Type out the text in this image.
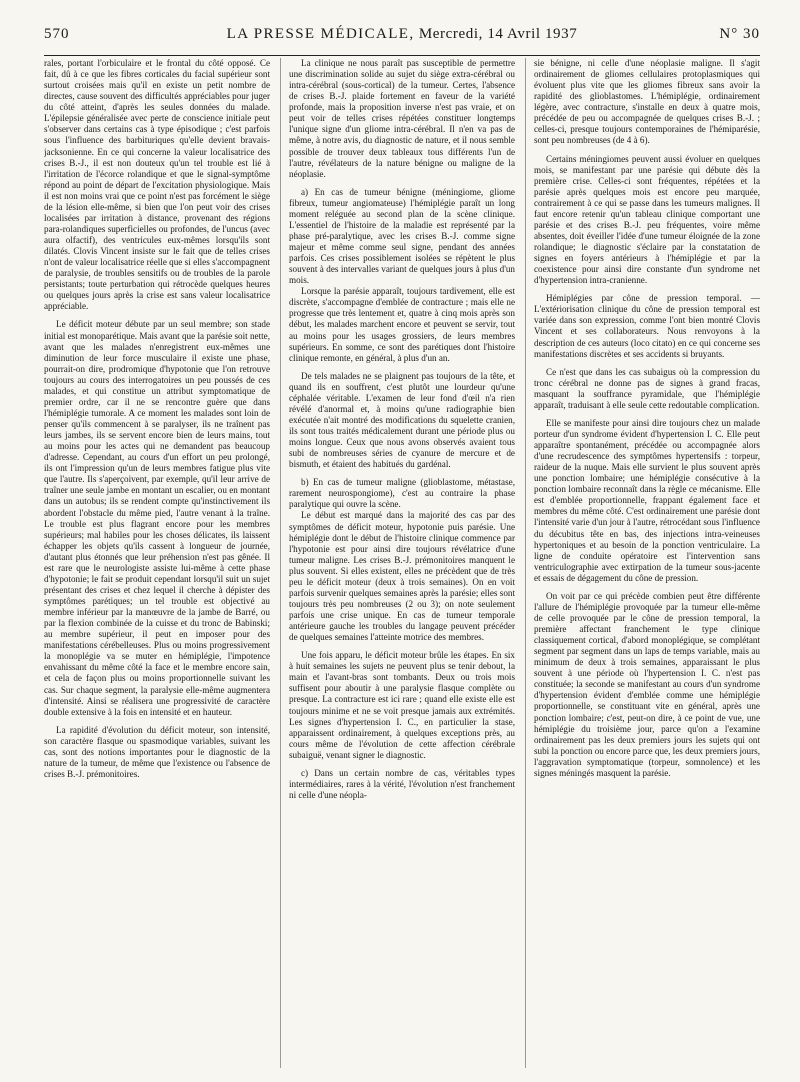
570	LA PRESSE MÉDICALE, Mercredi, 14 Avril 1937	N° 30

rales, portant l'orbiculaire et le frontal du côté opposé. Ce fait, dû à ce que les fibres corticales du facial supérieur sont surtout croisées mais qu'il en existe un petit nombre de directes, cause souvent des difficultés appréciables pour juger du côté atteint, d'après les seules données du malade. L'épilepsie généralisée avec perte de conscience initiale peut s'observer dans certains cas à type épisodique ; c'est parfois sous l'influence des barbituriques qu'elle devient bravais-jacksonienne. En ce qui concerne la valeur localisatrice des crises B.-J., il est non douteux qu'un tel trouble est lié à l'irritation de l'écorce rolandique et que le signal-symptôme répond au point de départ de l'excitation physiologique. Mais il est non moins vrai que ce point n'est pas forcément le siège de la lésion elle-même, si bien que l'on peut voir des crises localisées par irritation à distance, provenant des régions para-rolandiques superficielles ou profondes, de l'uncus (avec aura olfactif), des ventricules eux-mêmes lorsqu'ils sont dilatés. Clovis Vincent insiste sur le fait que de telles crises n'ont de valeur localisatrice réelle que si elles s'accompagnent de paralysie, de troubles sensitifs ou de troubles de la parole persistants; toute perturbation qui rétrocède quelques heures ou quelques jours après la crise est sans valeur localisatrice appréciable.

Le déficit moteur débute par un seul membre; son stade initial est monoparétique. Mais avant que la parésie soit nette, avant que les malades n'enregistrent eux-mêmes une diminution de leur force musculaire il existe une phase, pourrait-on dire, prodromique d'hypotonie que l'on retrouve toujours au cours des interrogatoires un peu poussés de ces malades, et qui constitue un attribut symptomatique de premier ordre, car il ne se rencontre guère que dans l'hémiplégie tumorale. A ce moment les malades sont loin de penser qu'ils commencent à se paralyser, ils ne traînent pas leurs jambes, ils se servent encore bien de leurs mains, tout au moins pour les actes qui ne demandent pas beaucoup d'adresse. Cependant, au cours d'un effort un peu prolongé, ils ont l'impression qu'un de leurs membres fatigue plus vite que l'autre. Ils s'aperçoivent, par exemple, qu'il leur arrive de traîner une seule jambe en montant un escalier, ou en montant dans un autobus; ils se rendent compte qu'instinctivement ils abordent l'obstacle du même pied, l'autre venant à la traîne. Le trouble est plus flagrant encore pour les membres supérieurs; mal habiles pour les choses délicates, ils laissent échapper les objets qu'ils cassent à longueur de journée, d'autant plus étonnés que leur préhension n'est pas gênée. Il est rare que le neurologiste assiste lui-même à cette phase d'hypotonie; le fait se produit cependant lorsqu'il suit un sujet présentant des crises et chez lequel il cherche à dépister des symptômes parétiques; un tel trouble est objectivé au membre inférieur par la manœuvre de la jambe de Barré, ou par la flexion combinée de la cuisse et du tronc de Babinski; au membre supérieur, il peut en imposer pour des manifestations cérébelleuses. Plus ou moins progressivement la monoplégie va se muter en hémiplégie, l'impotence envahissant du même côté la face et le membre encore sain, et cela de façon plus ou moins proportionnelle suivant les cas. Sur chaque segment, la paralysie elle-même augmentera d'intensité. Ainsi se réalisera une progressivité de caractère double extensive à la fois en intensité et en hauteur.

La rapidité d'évolution du déficit moteur, son intensité, son caractère flasque ou spasmodique variables, suivant les cas, sont des notions importantes pour le diagnostic de la nature de la tumeur, de même que l'existence ou l'absence de crises B.-J. prémonitoires.

La clinique ne nous paraît pas susceptible de permettre une discrimination solide au sujet du siège extra-cérébral ou intra-cérébral (sous-cortical) de la tumeur. Certes, l'absence de crises B.-J. plaide fortement en faveur de la variété profonde, mais la proposition inverse n'est pas vraie, et on peut voir de telles crises répétées constituer longtemps l'unique signe d'un gliome intra-cérébral. Il n'en va pas de même, à notre avis, du diagnostic de nature, et il nous semble possible de trouver deux tableaux tous différents l'un de l'autre, révélateurs de la nature bénigne ou maligne de la néoplasie.

a) En cas de tumeur bénigne (méningiome, gliome fibreux, tumeur angiomateuse) l'hémiplégie paraît un long moment reléguée au second plan de la scène clinique. L'essentiel de l'histoire de la maladie est représenté par la phase pré-paralytique, avec les crises B.-J. comme signe majeur et même comme seul signe, pendant des années parfois. Ces crises possiblement isolées se répètent le plus souvent à des intervalles variant de quelques jours à plus d'un mois.

Lorsque la parésie apparaît, toujours tardivement, elle est discrète, s'accompagne d'emblée de contracture ; mais elle ne progresse que très lentement et, quatre à cinq mois après son début, les malades marchent encore et peuvent se servir, tout au moins pour les usages grossiers, de leurs membres supérieurs. En somme, ce sont des parétiques dont l'histoire clinique remonte, en général, à plus d'un an.

De tels malades ne se plaignent pas toujours de la tête, et quand ils en souffrent, c'est plutôt une lourdeur qu'une céphalée véritable. L'examen de leur fond d'œil n'a rien révélé d'anormal et, à moins qu'une radiographie bien exécutée n'ait montré des modifications du squelette cranien, ils sont tous traités médicalement durant une période plus ou moins longue. Ceux que nous avons observés avaient tous subi de nombreuses séries de cyanure de mercure et de bismuth, et étaient des habitués du gardénal.

b) En cas de tumeur maligne (glioblastome, métastase, rarement neurospongiome), c'est au contraire la phase paralytique qui ouvre la scène.

Le début est marqué dans la majorité des cas par des symptômes de déficit moteur, hypotonie puis parésie. Une hémiplégie dont le début de l'histoire clinique commence par l'hypotonie est pour ainsi dire toujours révélatrice d'une tumeur maligne. Les crises B.-J. prémonitoires manquent le plus souvent. Si elles existent, elles ne précèdent que de très peu le déficit moteur (deux à trois semaines). On en voit parfois survenir quelques semaines après la parésie; elles sont toujours très peu nombreuses (2 ou 3); on note seulement parfois une crise unique. En cas de tumeur temporale antérieure gauche les troubles du langage peuvent précéder de quelques semaines l'atteinte motrice des membres.

Une fois apparu, le déficit moteur brûle les étapes. En six à huit semaines les sujets ne peuvent plus se tenir debout, la main et l'avant-bras sont tombants. Deux ou trois mois suffisent pour aboutir à une paralysie flasque complète ou presque. La contracture est ici rare ; quand elle existe elle est toujours minime et ne se voit presque jamais aux extrémités. Les signes d'hypertension I. C., en particulier la stase, apparaissent ordinairement, à quelques exceptions près, au cours même de l'évolution de cette affection cérébrale subaiguë, venant signer le diagnostic.

c) Dans un certain nombre de cas, véritables types intermédiaires, rares à la vérité, l'évolution n'est franchement ni celle d'une néopla-

sie bénigne, ni celle d'une néoplasie maligne. Il s'agit ordinairement de gliomes cellulaires protoplasmiques qui évoluent plus vite que les gliomes fibreux sans avoir la rapidité des glioblastomes. L'hémiplégie, ordinairement légère, avec contracture, s'installe en deux à quatre mois, précédée de peu ou accompagnée de quelques crises B.-J. ; celles-ci, presque toujours contemporaines de l'hémiparésie, sont peu nombreuses (de 4 à 6).

Certains méningiomes peuvent aussi évoluer en quelques mois, se manifestant par une parésie qui débute dès la première crise. Celles-ci sont fréquentes, répétées et la parésie après quelques mois est encore peu marquée, contrairement à ce qui se passe dans les tumeurs malignes. Il faut encore retenir qu'un tableau clinique comportant une parésie et des crises B.-J. peu fréquentes, voire même absentes, doit éveiller l'idée d'une tumeur éloignée de la zone rolandique; le diagnostic s'éclaire par la constatation de signes en foyers antérieurs à l'hémiplégie et par la coexistence pour ainsi dire constante d'un syndrome net d'hypertension intra-cranienne.

Hémiplégies par cône de pression temporal. — L'extériorisation clinique du cône de pression temporal est variée dans son expression, comme l'ont bien montré Clovis Vincent et ses collaborateurs. Nous renvoyons à la description de ces auteurs (loco citato) en ce qui concerne ses manifestations discrètes et ses accidents si bruyants.

Ce n'est que dans les cas subaigus où la compression du tronc cérébral ne donne pas de signes à grand fracas, masquant la souffrance pyramidale, que l'hémiplégie apparaît, traduisant à elle seule cette redoutable complication.

Elle se manifeste pour ainsi dire toujours chez un malade porteur d'un syndrome évident d'hypertension I. C. Elle peut apparaître spontanément, précédée ou accompagnée alors d'une recrudescence des symptômes hypertensifs : torpeur, raideur de la nuque. Mais elle survient le plus souvent après une ponction lombaire; une hémiplégie consécutive à la ponction lombaire reconnaît dans la règle ce mécanisme. Elle est d'emblée proportionnelle, frappant également face et membres du même côté. C'est ordinairement une parésie dont l'intensité varie d'un jour à l'autre, rétrocédant sous l'influence du décubitus tête en bas, des injections intra-veineuses hypertoniques et au besoin de la ponction ventriculaire. La ligne de conduite opératoire est l'intervention sans ventriculographie avec extirpation de la tumeur sous-jacente et essais de dégagement du cône de pression.

On voit par ce qui précède combien peut être différente l'allure de l'hémiplégie provoquée par la tumeur elle-même de celle provoquée par le cône de pression temporal, la première affectant franchement le type clinique classiquement cortical, d'abord monoplégique, se complétant segment par segment dans un laps de temps variable, mais au minimum de deux à trois semaines, apparaissant le plus souvent à une période où l'hypertension I. C. n'est pas constituée; la seconde se manifestant au cours d'un syndrome d'hypertension évident d'emblée comme une hémiplégie proportionnelle, se constituant vite en général, après une ponction lombaire; c'est, peut-on dire, à ce point de vue, une hémiplégie du troisième jour, parce qu'on a l'examine ordinairement pas les deux premiers jours les sujets qui ont subi la ponction ou encore parce que, les deux premiers jours, l'aggravation symptomatique (torpeur, somnolence) et les signes méningés masquent la parésie.
